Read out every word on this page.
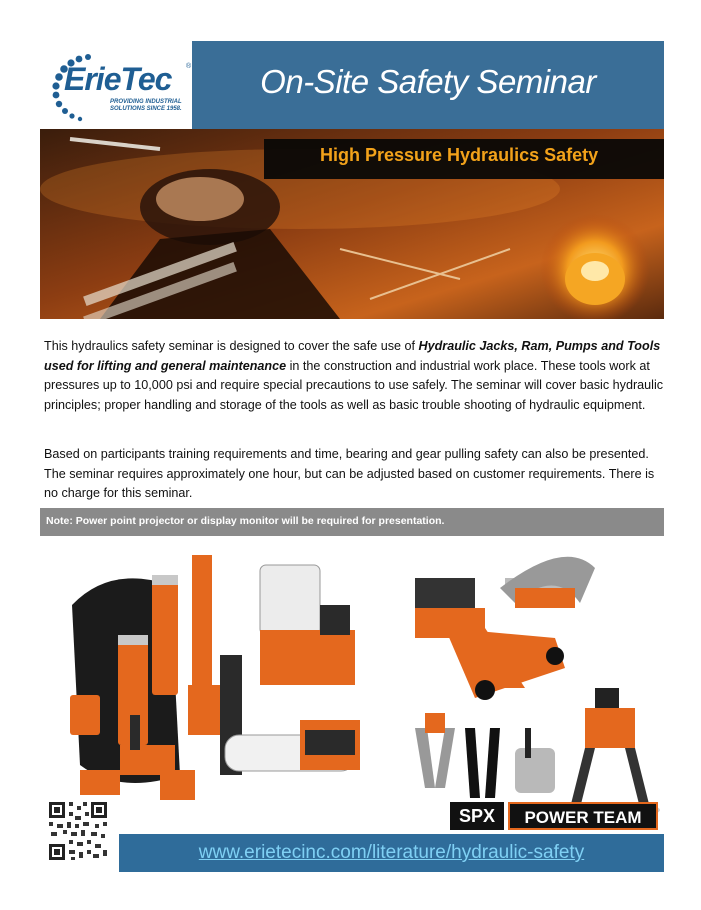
ErieTec ®
PROVIDING INDUSTRIAL SOLUTIONS SINCE 1958.
On-Site Safety Seminar
High Pressure Hydraulics Safety
This hydraulics safety seminar is designed to cover the safe use of Hydraulic Jacks, Ram, Pumps and Tools used for lifting and general maintenance in the construction and industrial work place. These tools work at pressures up to 10,000 psi and require special precautions to use safely. The seminar will cover basic hydraulic principles; proper handling and storage of the tools as well as basic trouble shooting of hydraulic equipment.
Based on participants training requirements and time, bearing and gear pulling safety can also be presented. The seminar requires approximately one hour, but can be adjusted based on customer requirements. There is no charge for this seminar.
Note: Power point projector or display monitor will be required for presentation.
SPX	POWER TEAM
www.erietecinc.com/literature/hydraulic-safety
